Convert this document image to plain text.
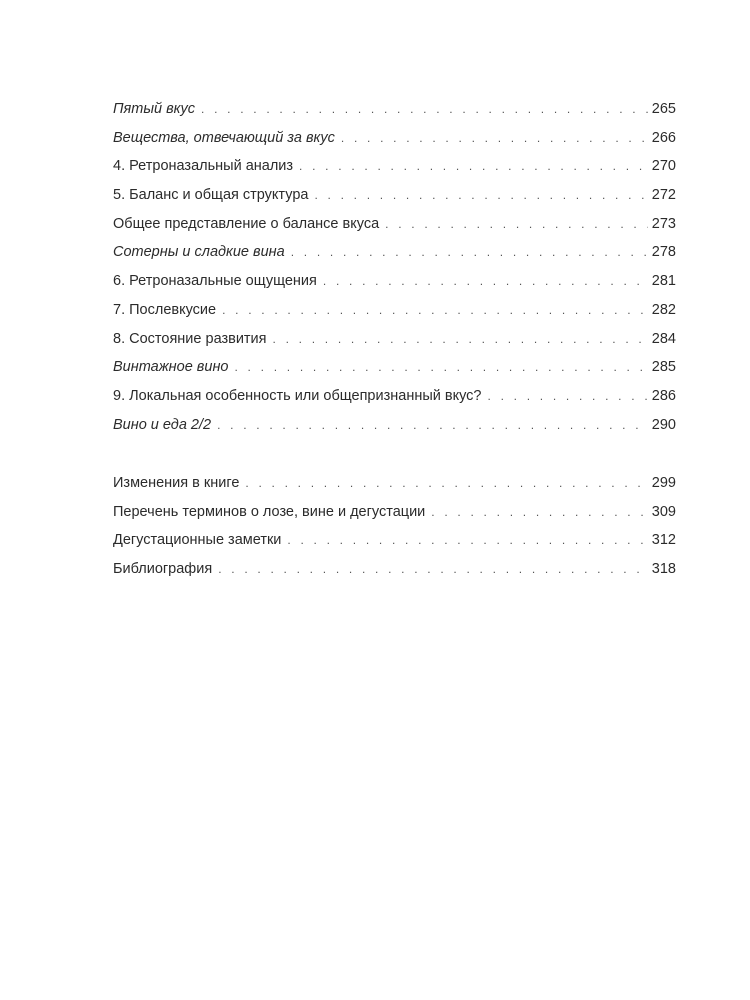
Пятый вкус . . .	265
Вещества, отвечающий за вкус . . .	266
4. Ретроназальный анализ . . .	270
5. Баланс и общая структура . . .	272
Общее представление о балансе вкуса . . .	273
Сотерны и сладкие вина . . .	278
6. Ретроназальные ощущения . . .	281
7. Послевкусие . . .	282
8. Состояние развития . . .	284
Винтажное вино . . .	285
9. Локальная особенность или общепризнанный вкус? . . .	286
Вино и еда 2/2 . . .	290
Изменения в книге . . .	299
Перечень терминов о лозе, вине и дегустации . . .	309
Дегустационные заметки . . .	312
Библиография . . .	318
